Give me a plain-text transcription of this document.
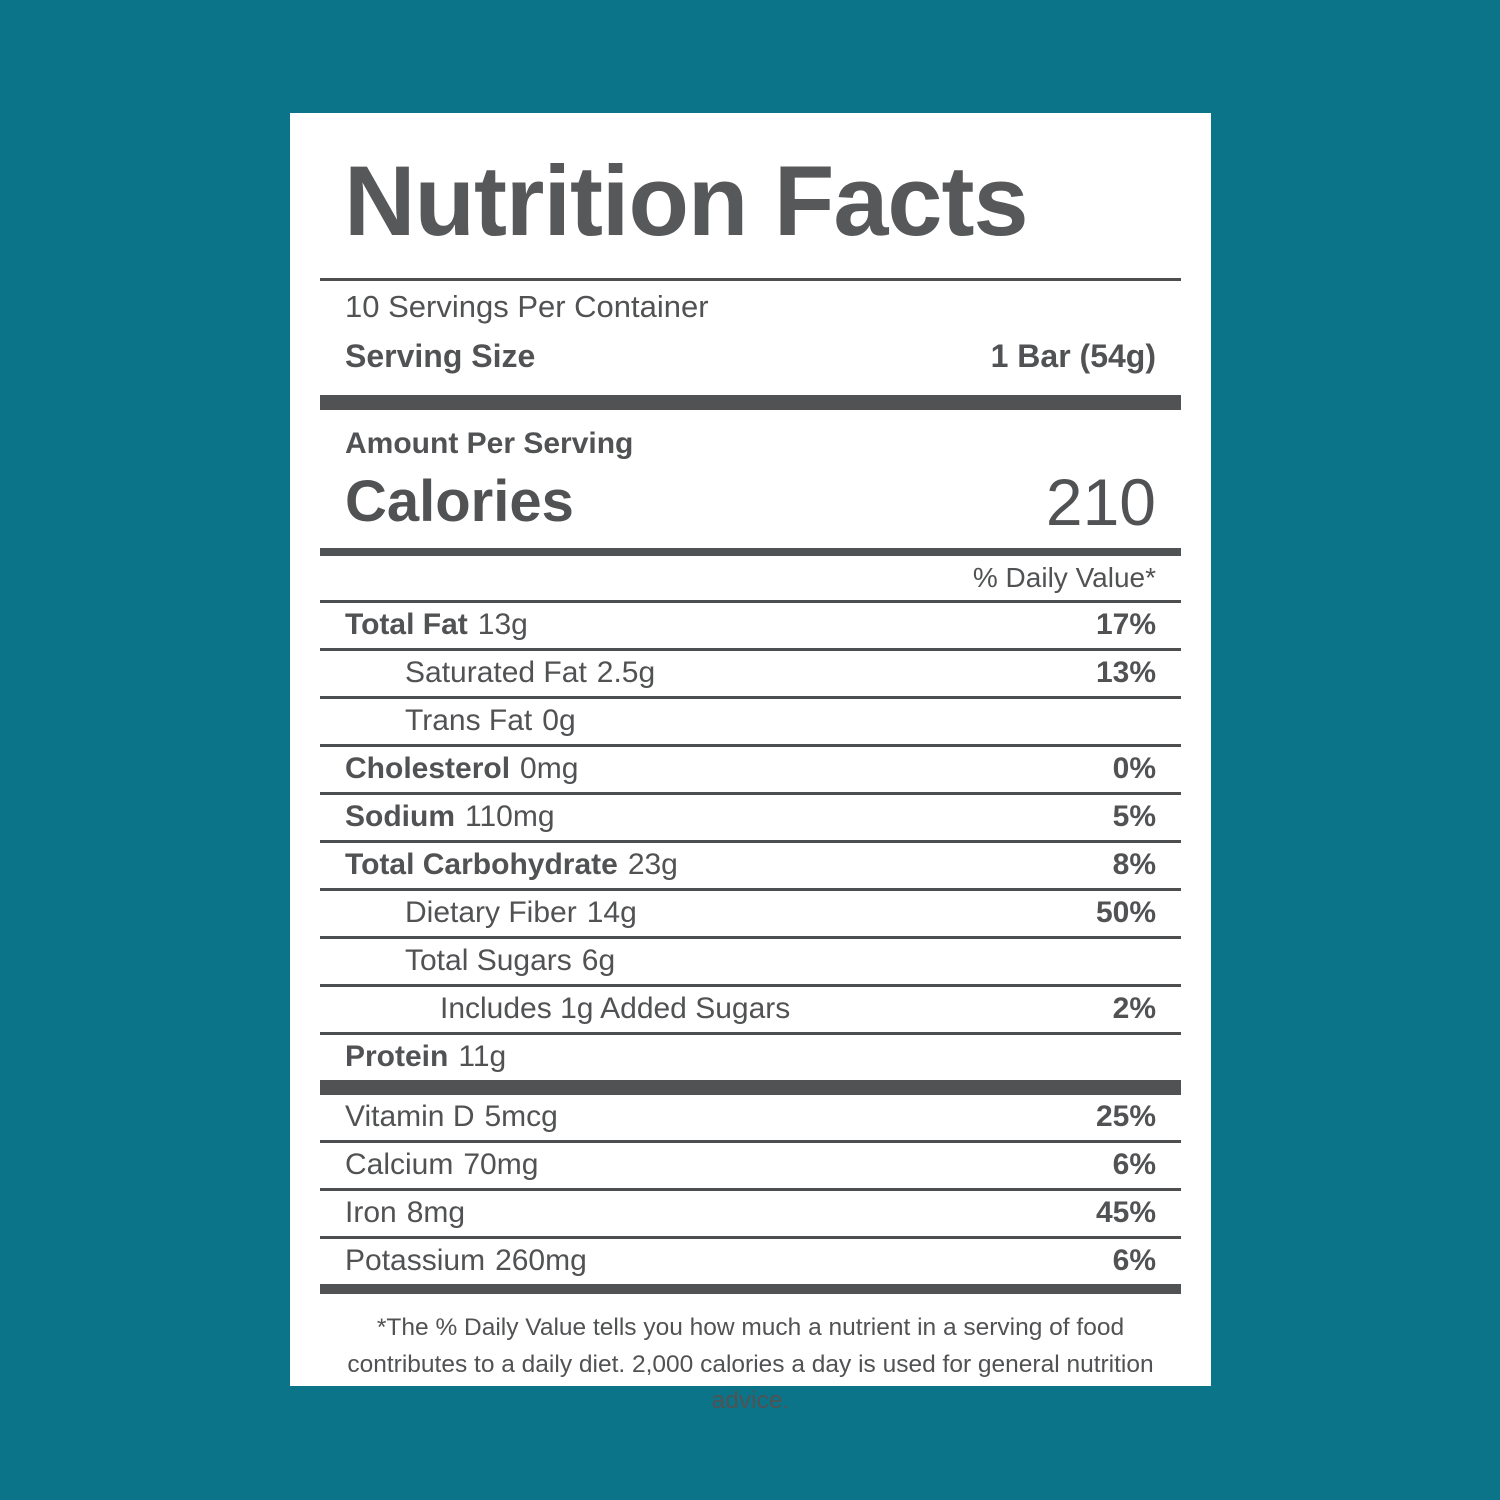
Nutrition Facts
10 Servings Per Container
Serving Size	1 Bar (54g)
Amount Per Serving
Calories	210
% Daily Value*
Total Fat 13g	17%
Saturated Fat 2.5g	13%
Trans Fat 0g
Cholesterol 0mg	0%
Sodium 110mg	5%
Total Carbohydrate 23g	8%
Dietary Fiber 14g	50%
Total Sugars 6g
Includes 1g Added Sugars	2%
Protein 11g
Vitamin D 5mcg	25%
Calcium 70mg	6%
Iron 8mg	45%
Potassium 260mg	6%

*The % Daily Value tells you how much a nutrient in a serving of food contributes to a daily diet. 2,000 calories a day is used for general nutrition advice.
